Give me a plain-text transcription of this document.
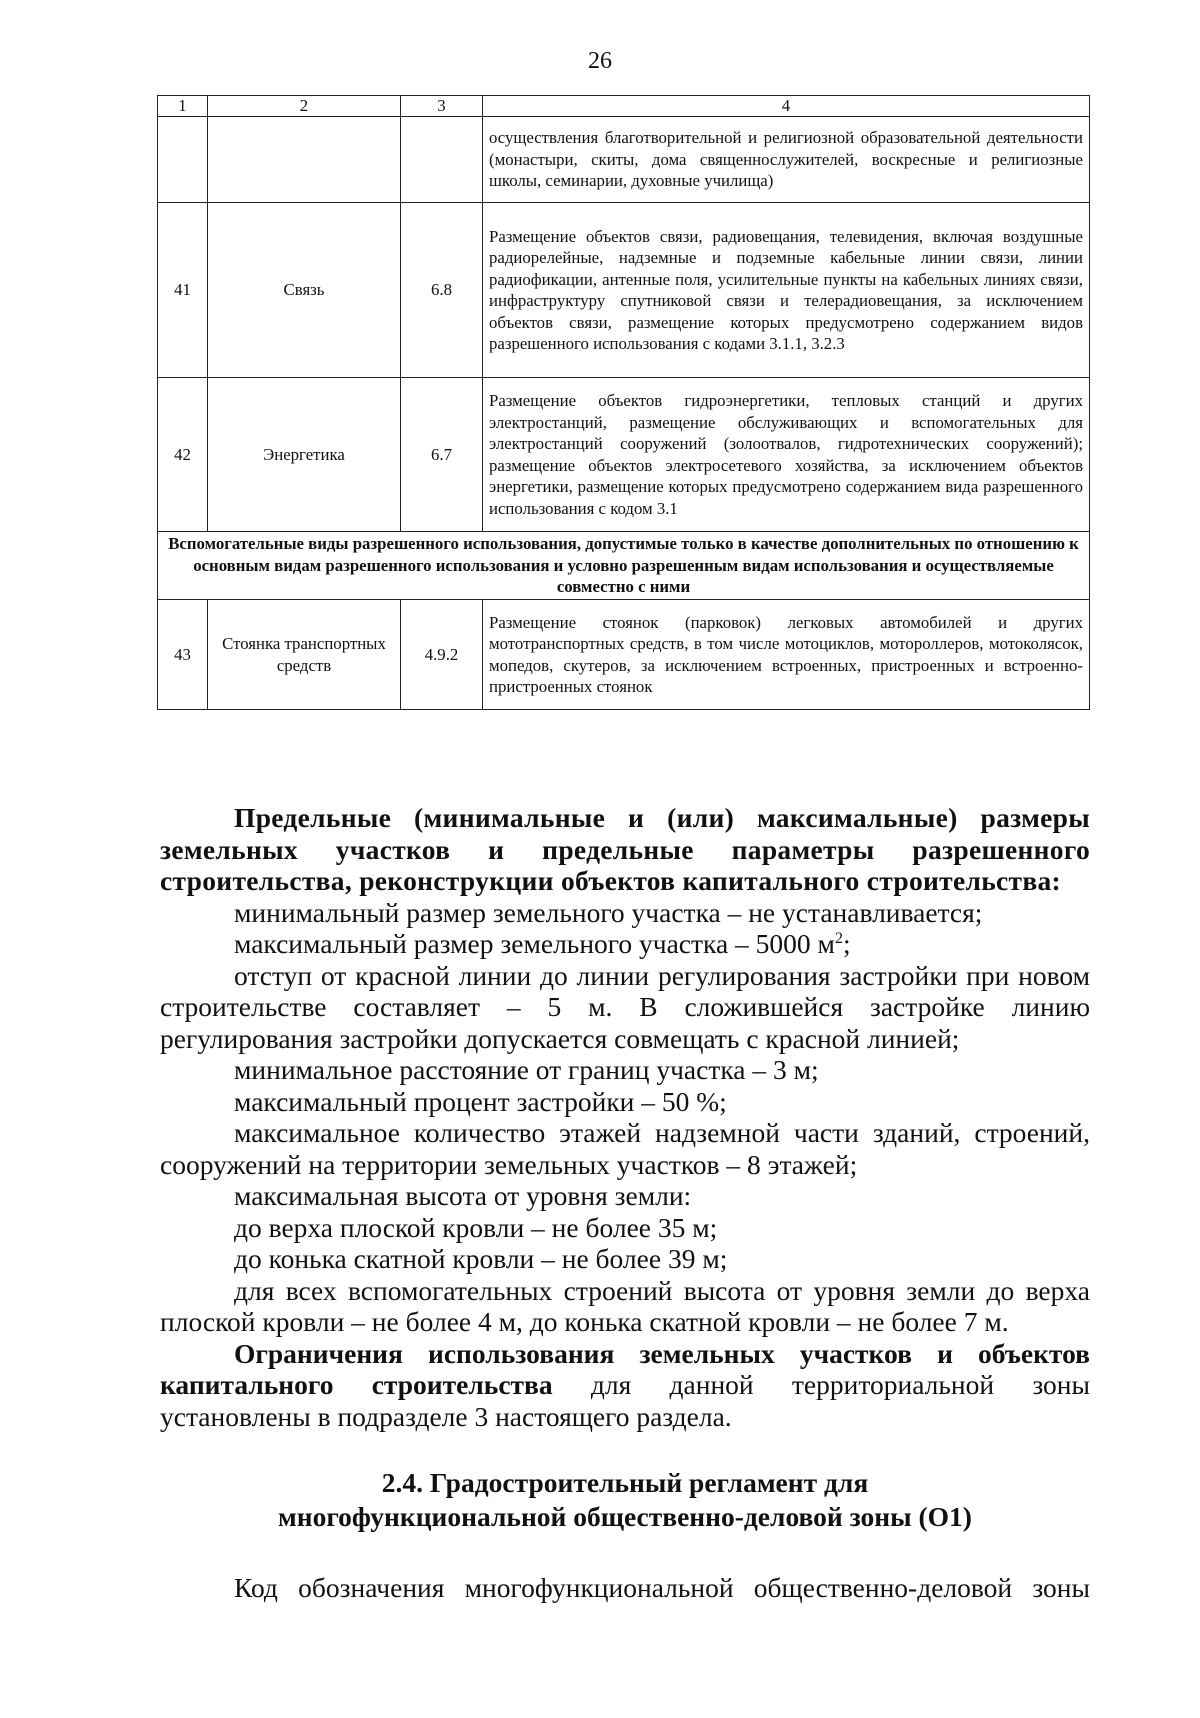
26
1	2	3	4
			осуществления благотворительной и религиозной образовательной деятельности (монастыри, скиты, дома священнослужителей, воскресные и религиозные школы, семинарии, духовные училища)
41	Связь	6.8	Размещение объектов связи, радиовещания, телевидения, включая воздушные радиорелейные, надземные и подземные кабельные линии связи, линии радиофикации, антенные поля, усилительные пункты на кабельных линиях связи, инфраструктуру спутниковой связи и телерадиовещания, за исключением объектов связи, размещение которых предусмотрено содержанием видов разрешенного использования с кодами 3.1.1, 3.2.3
42	Энергетика	6.7	Размещение объектов гидроэнергетики, тепловых станций и других электростанций, размещение обслуживающих и вспомогательных для электростанций сооружений (золоотвалов, гидротехнических сооружений); размещение объектов электросетевого хозяйства, за исключением объектов энергетики, размещение которых предусмотрено содержанием вида разрешенного использования с кодом 3.1
Вспомогательные виды разрешенного использования, допустимые только в качестве дополнительных по отношению к основным видам разрешенного использования и условно разрешенным видам использования и осуществляемые совместно с ними			
43	Стоянка транспортных средств	4.9.2	Размещение стоянок (парковок) легковых автомобилей и других мототранспортных средств, в том числе мотоциклов, мотороллеров, мотоколясок, мопедов, скутеров, за исключением встроенных, пристроенных и встроенно-пристроенных стоянок

Предельные (минимальные и (или) максимальные) размеры земельных участков и предельные параметры разрешенного строительства, реконструкции объектов капитального строительства:

минимальный размер земельного участка – не устанавливается;

максимальный размер земельного участка – 5000 $м^2$;

отступ от красной линии до линии регулирования застройки при новом строительстве составляет – 5 м. В сложившейся застройке линию регулирования застройки допускается совмещать с красной линией;

минимальное расстояние от границ участка – 3 м;

максимальный процент застройки – 50 %;

максимальное количество этажей надземной части зданий, строений, сооружений на территории земельных участков – 8 этажей;

максимальная высота от уровня земли:

до верха плоской кровли – не более 35 м;

до конька скатной кровли – не более 39 м;

для всех вспомогательных строений высота от уровня земли до верха плоской кровли – не более 4 м, до конька скатной кровли – не более 7 м.

Ограничения использования земельных участков и объектов капитального строительства для данной территориальной зоны установлены в подразделе 3 настоящего раздела.

2.4. Градостроительный регламент для
многофункциональной общественно-деловой зоны (О1)
Код обозначения многофункциональной общественно-деловой зоны
